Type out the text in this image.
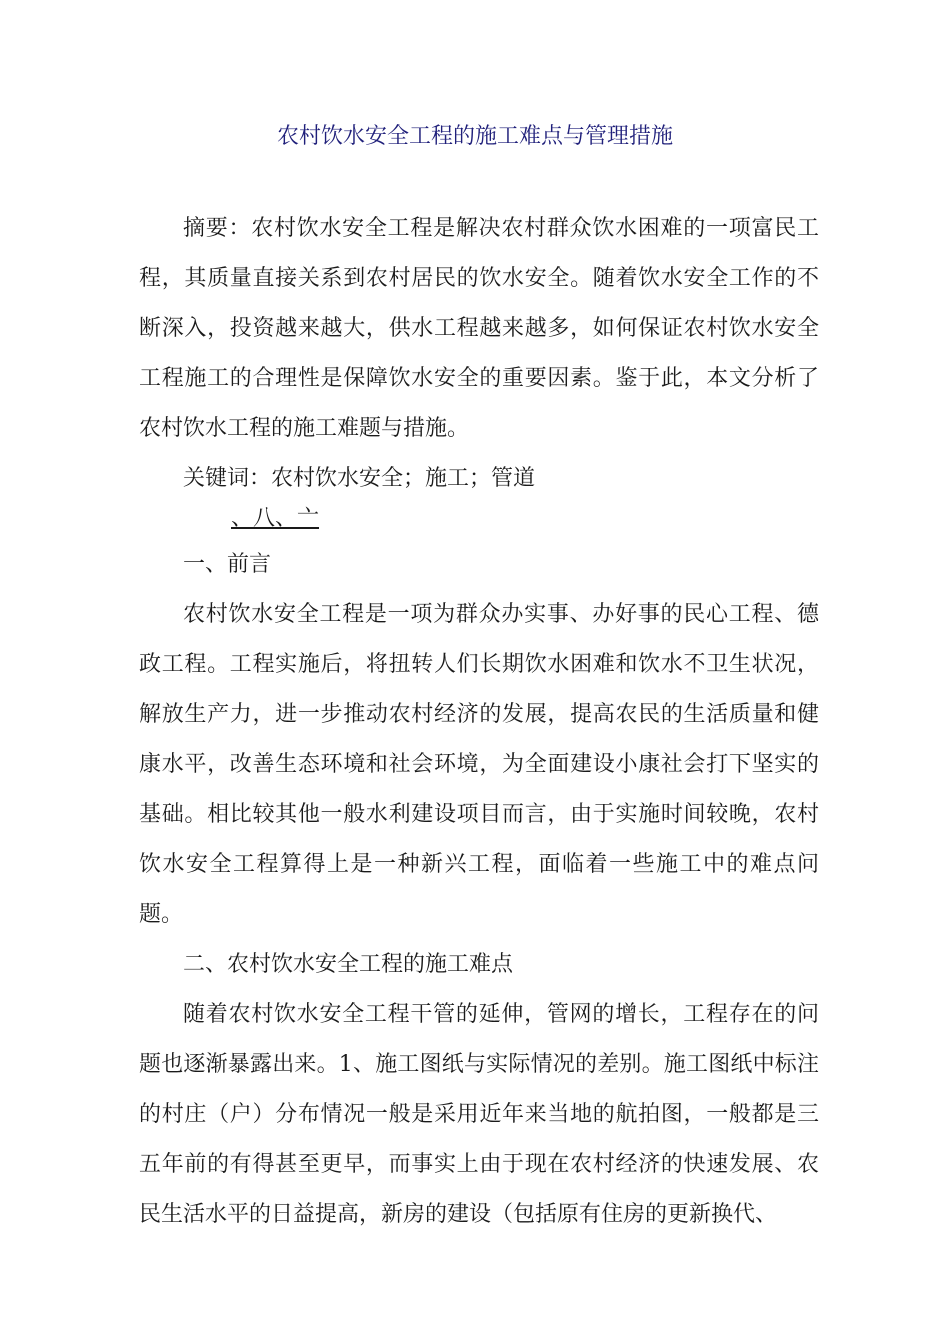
农村饮水安全工程的施工难点与管理措施

摘要：农村饮水安全工程是解决农村群众饮水困难的一项富民工程，其质量直接关系到农村居民的饮水安全。随着饮水安全工作的不断深入，投资越来越大，供水工程越来越多，如何保证农村饮水安全工程施工的合理性是保障饮水安全的重要因素。鉴于此，本文分析了农村饮水工程的施工难题与措施。

关键词：农村饮水安全；施工；管道

、八、亠

一、前言

农村饮水安全工程是一项为群众办实事、办好事的民心工程、德政工程。工程实施后，将扭转人们长期饮水困难和饮水不卫生状况，解放生产力，进一步推动农村经济的发展，提高农民的生活质量和健康水平，改善生态环境和社会环境，为全面建设小康社会打下坚实的基础。相比较其他一般水利建设项目而言，由于实施时间较晚，农村饮水安全工程算得上是一种新兴工程，面临着一些施工中的难点问题。

二、农村饮水安全工程的施工难点

随着农村饮水安全工程干管的延伸，管网的增长，工程存在的问题也逐渐暴露出来。1、施工图纸与实际情况的差别。施工图纸中标注的村庄（户）分布情况一般是采用近年来当地的航拍图，一般都是三五年前的有得甚至更早，而事实上由于现在农村经济的快速发展、农民生活水平的日益提高，新房的建设（包括原有住房的更新换代、
